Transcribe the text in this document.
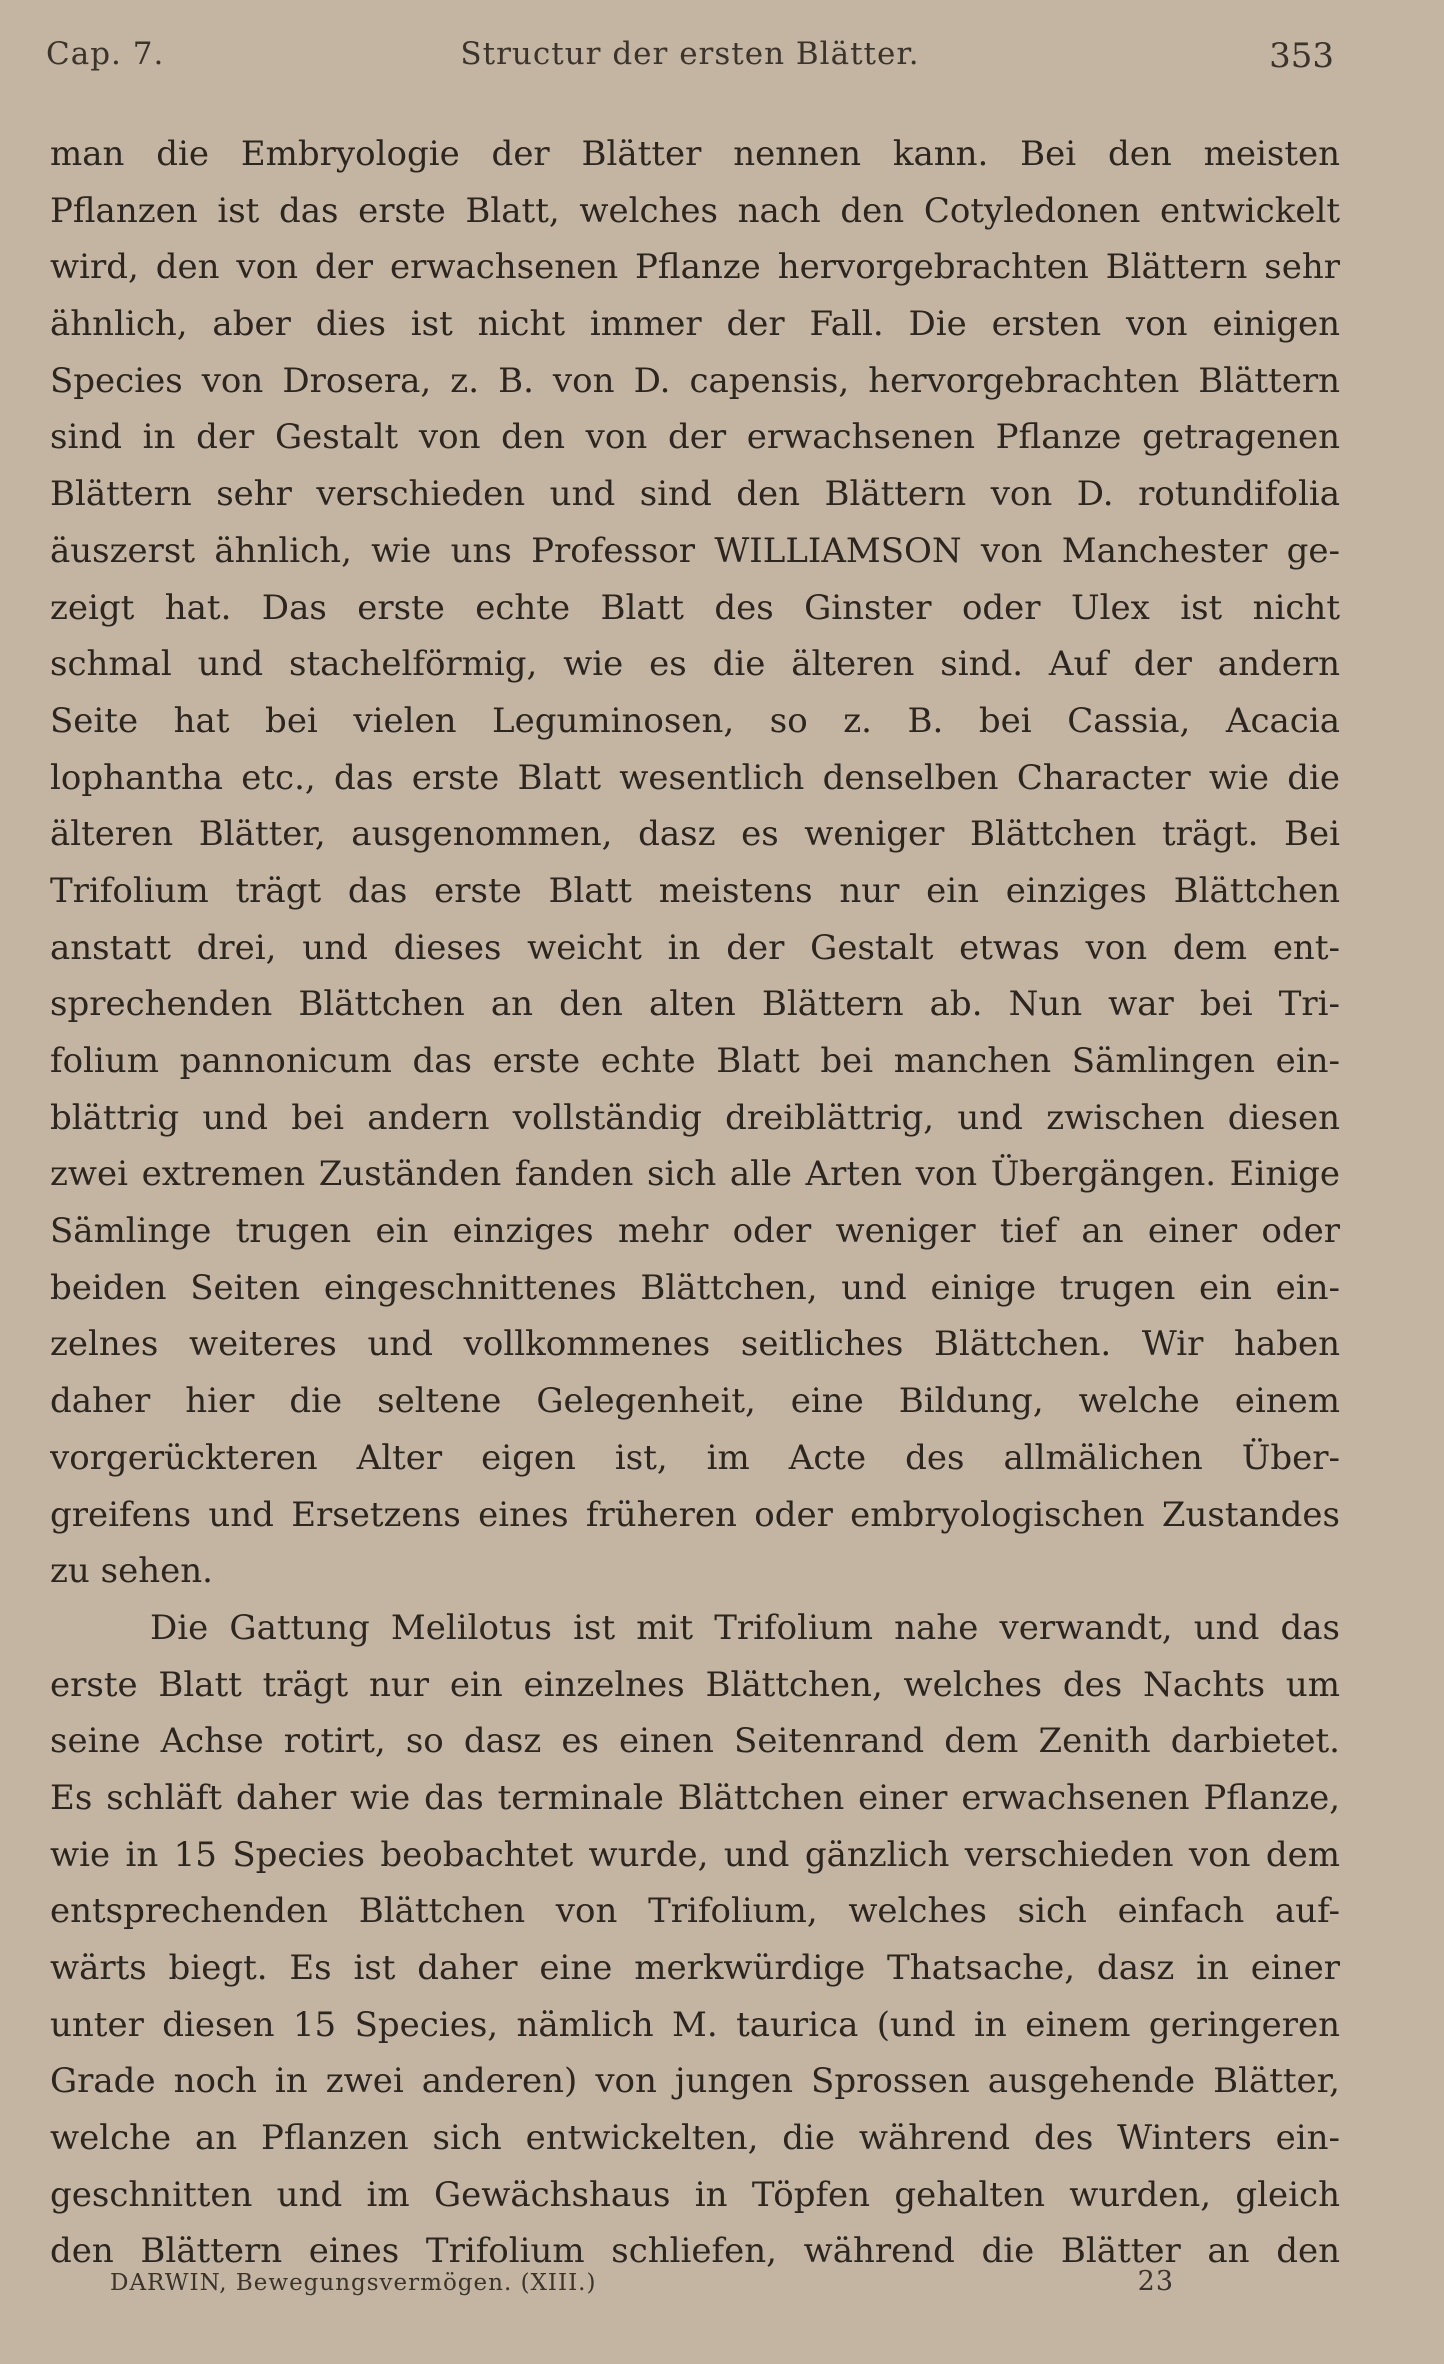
Cap. 7.	Structur der ersten Blätter.	353
man die Embryologie der Blätter nennen kann. Bei den meisten
Pflanzen ist das erste Blatt, welches nach den Cotyledonen entwickelt
wird, den von der erwachsenen Pflanze hervorgebrachten Blättern sehr
ähnlich, aber dies ist nicht immer der Fall. Die ersten von einigen
Species von Drosera, z. B. von D. capensis, hervorgebrachten Blättern
sind in der Gestalt von den von der erwachsenen Pflanze getragenen
Blättern sehr verschieden und sind den Blättern von D. rotundifolia
äuszerst ähnlich, wie uns Professor WILLIAMSON von Manchester ge-
zeigt hat. Das erste echte Blatt des Ginster oder Ulex ist nicht
schmal und stachelförmig, wie es die älteren sind. Auf der andern
Seite hat bei vielen Leguminosen, so z. B. bei Cassia, Acacia
lophantha etc., das erste Blatt wesentlich denselben Character wie die
älteren Blätter, ausgenommen, dasz es weniger Blättchen trägt. Bei
Trifolium trägt das erste Blatt meistens nur ein einziges Blättchen
anstatt drei, und dieses weicht in der Gestalt etwas von dem ent-
sprechenden Blättchen an den alten Blättern ab. Nun war bei Tri-
folium pannonicum das erste echte Blatt bei manchen Sämlingen ein-
blättrig und bei andern vollständig dreiblättrig, und zwischen diesen
zwei extremen Zuständen fanden sich alle Arten von Übergängen. Einige
Sämlinge trugen ein einziges mehr oder weniger tief an einer oder
beiden Seiten eingeschnittenes Blättchen, und einige trugen ein ein-
zelnes weiteres und vollkommenes seitliches Blättchen. Wir haben
daher hier die seltene Gelegenheit, eine Bildung, welche einem
vorgerückteren Alter eigen ist, im Acte des allmälichen Über-
greifens und Ersetzens eines früheren oder embryologischen Zustandes
zu sehen.
Die Gattung Melilotus ist mit Trifolium nahe verwandt, und das
erste Blatt trägt nur ein einzelnes Blättchen, welches des Nachts um
seine Achse rotirt, so dasz es einen Seitenrand dem Zenith darbietet.
Es schläft daher wie das terminale Blättchen einer erwachsenen Pflanze,
wie in 15 Species beobachtet wurde, und gänzlich verschieden von dem
entsprechenden Blättchen von Trifolium, welches sich einfach auf-
wärts biegt. Es ist daher eine merkwürdige Thatsache, dasz in einer
unter diesen 15 Species, nämlich M. taurica (und in einem geringeren
Grade noch in zwei anderen) von jungen Sprossen ausgehende Blätter,
welche an Pflanzen sich entwickelten, die während des Winters ein-
geschnitten und im Gewächshaus in Töpfen gehalten wurden, gleich
den Blättern eines Trifolium schliefen, während die Blätter an den
DARWIN, Bewegungsvermögen. (XIII.)	23
